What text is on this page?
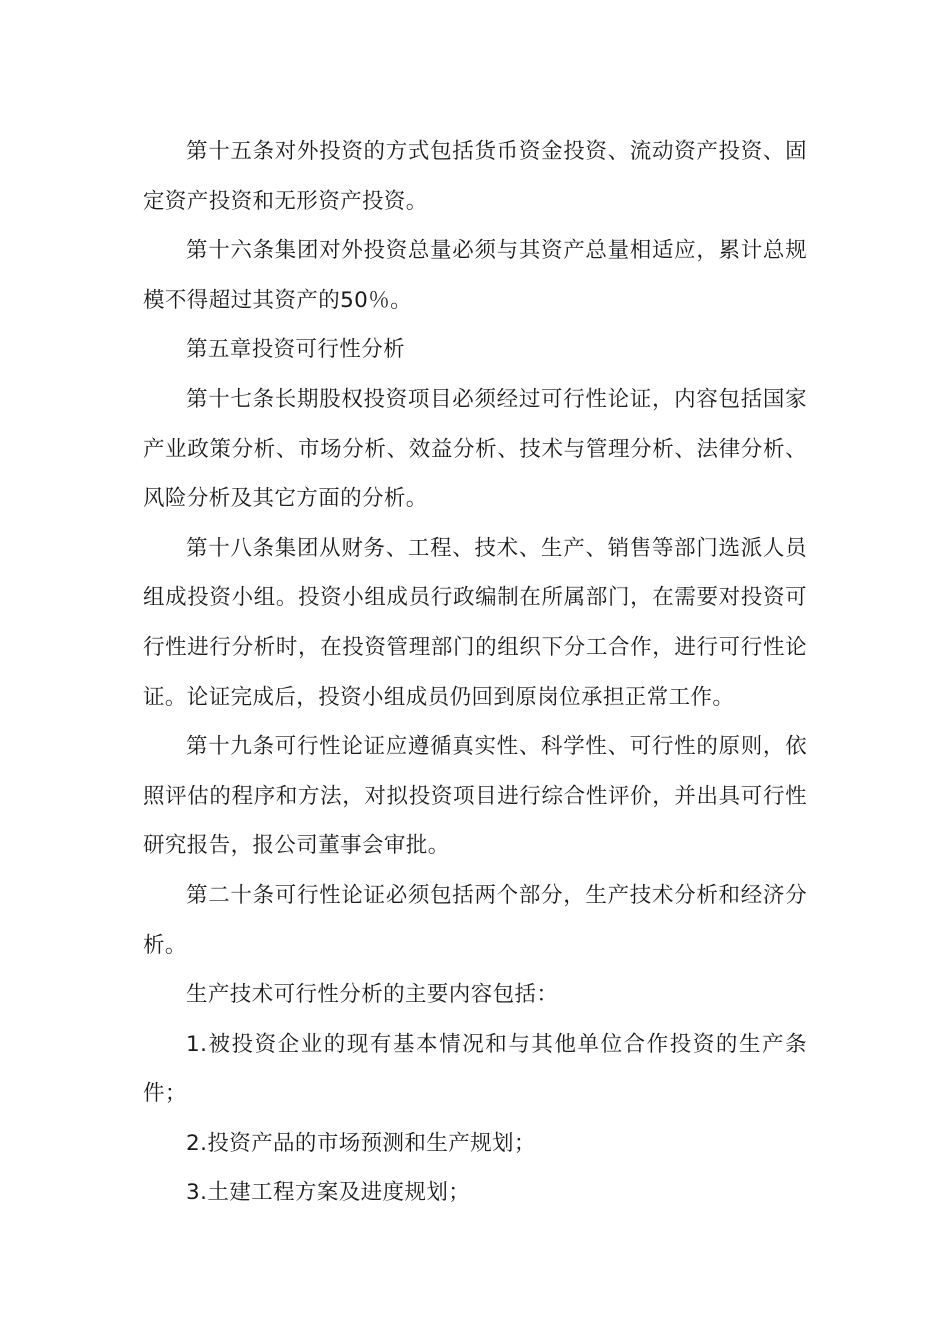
第十五条对外投资的方式包括货币资金投资、流动资产投资、固定资产投资和无形资产投资。

第十六条集团对外投资总量必须与其资产总量相适应，累计总规模不得超过其资产的50％。

第五章投资可行性分析

第十七条长期股权投资项目必须经过可行性论证，内容包括国家产业政策分析、市场分析、效益分析、技术与管理分析、法律分析、风险分析及其它方面的分析。

第十八条集团从财务、工程、技术、生产、销售等部门选派人员组成投资小组。投资小组成员行政编制在所属部门，在需要对投资可行性进行分析时，在投资管理部门的组织下分工合作，进行可行性论证。论证完成后，投资小组成员仍回到原岗位承担正常工作。

第十九条可行性论证应遵循真实性、科学性、可行性的原则，依照评估的程序和方法，对拟投资项目进行综合性评价，并出具可行性研究报告，报公司董事会审批。

第二十条可行性论证必须包括两个部分，生产技术分析和经济分析。

生产技术可行性分析的主要内容包括：

1.被投资企业的现有基本情况和与其他单位合作投资的生产条件；

2.投资产品的市场预测和生产规划；

3.土建工程方案及进度规划；
